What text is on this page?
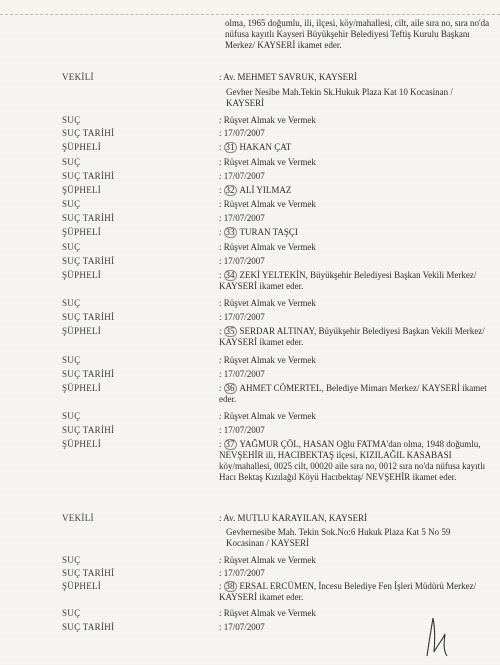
olma, 1965 doğumlu, ili, ilçesi, köy/mahallesi, cilt, aile sıra no, sıra no'da nüfusa kayıtlı Kayseri Büyükşehir Belediyesi Teftiş Kurulu Başkanı Merkez/ KAYSERİ ikamet eder.
VEKİLİ	: Av. MEHMET SAVRUK, KAYSERİ
Gevher Nesibe Mah.Tekin Sk.Hukuk Plaza Kat 10 Kocasinan / KAYSERİ
SUÇ	: Rüşvet Almak ve Vermek
SUÇ TARİHİ	: 17/07/2007
ŞÜPHELİ	: 31 HAKAN ÇAT
SUÇ	: Rüşvet Almak ve Vermek
SUÇ TARİHİ	: 17/07/2007
ŞÜPHELİ	: 32 ALİ YILMAZ
SUÇ	: Rüşvet Almak ve Vermek
SUÇ TARİHİ	: 17/07/2007
ŞÜPHELİ	: 33 TURAN TAŞÇI
SUÇ	: Rüşvet Almak ve Vermek
SUÇ TARİHİ	: 17/07/2007
ŞÜPHELİ	: 34 ZEKİ YELTEKİN, Büyükşehir Belediyesi Başkan Vekili Merkez/ KAYSERİ ikamet eder.
SUÇ	: Rüşvet Almak ve Vermek
SUÇ TARİHİ	: 17/07/2007
ŞÜPHELİ	: 35 SERDAR ALTINAY, Büyükşehir Belediyesi Başkan Vekili Merkez/ KAYSERİ ikamet eder.
SUÇ	: Rüşvet Almak ve Vermek
SUÇ TARİHİ	: 17/07/2007
ŞÜPHELİ	: 36 AHMET CÖMERTEL, Belediye Mimarı Merkez/ KAYSERİ ikamet eder.
SUÇ	: Rüşvet Almak ve Vermek
SUÇ TARİHİ	: 17/07/2007
ŞÜPHELİ	: 37 YAĞMUR ÇÖL, HASAN Oğlu FATMA'dan olma, 1948 doğumlu, NEVŞEHİR ili, HACIBEKTAŞ ilçesi, KIZILAĞIL KASABASI köy/mahallesi, 0025 cilt, 00020 aile sıra no, 0012 sıra no'da nüfusa kayıtlı Hacı Bektaş Kızılağıl Köyü Hacıbektaş/ NEVŞEHİR ikamet eder.
VEKİLİ	: Av. MUTLU KARAYILAN, KAYSERİ
Gevhernesibe Mah. Tekin Sok.No:6 Hukuk Plaza Kat 5 No 59 Kocasinan / KAYSERİ
SUÇ	: Rüşvet Almak ve Vermek
SUÇ TARİHİ	: 17/07/2007
ŞÜPHELİ	: 38 ERSAL ERCÜMEN, İncesu Belediye Fen İşleri Müdürü Merkez/ KAYSERİ ikamet eder.
SUÇ	: Rüşvet Almak ve Vermek
SUÇ TARİHİ	: 17/07/2007
